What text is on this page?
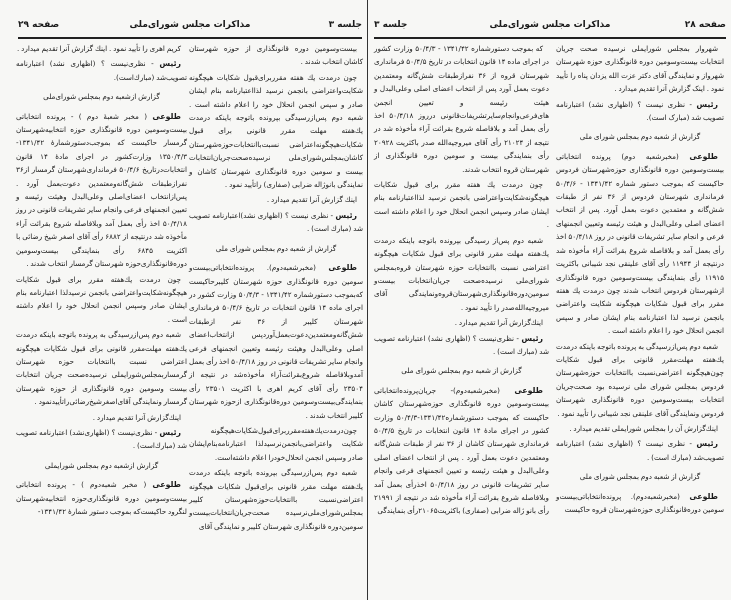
صفحه ۲۸
مذاکرات مجلس شورای‌ملی
جلسه ۳

شهروار بمجلس شورایملی نرسیده صحت جریان انتخابات بیست‌وسومین دوره قانونگذاری حوزه شهرستان شهرواز و نمایندگی آقای دکتر عزت الله یزدان پناه را تأیید نمود . اینک گزارش آنرا تقدیم میدارد .

رئیس - نظری نیست ؟ (اظهاری نشد) اعتبارنامه تصویب شد (مبارک است).

گزارش از شعبه دوم بمجلس شورای ملی

طلوعی (مخبرشعبه دوم) پرونده انتخاباتی بیست‌وسومین دوره قانونگذاری حوزه‌شهرستان فردوس حاکیست که بموجب دستور شماره ۱۳۴۱/۴۲ - ۵۰/۴/۶ فرمانداری شهرستان فردوس از ۳۶ نفر از طبقات شش‌گانه و معتمدین دعوت بعمل آورد. پس از انتخاب اعضای اصلی وعلی‌البدل و هیئت رئیسه وتعیین انجمنهای فرعی و انجام سایر تشریفات قانونی در روز ۵۰/۴/۱۸ اخذ رأی بعمل آمد و بلافاصله شروع بقرائت آراء مأخوذه شد درنتیجه از ۱۱۹۴۴ رأی آقای علینقی نجد شیبانی باکثریت ۱۱۹۱۵ رأی بنمایندگی بیست‌وسومین دوره قانونگذاری ازشهرستان فردوس انتخاب شدند چون درمدت یك هفته مقرر برای قبول شكایات هیچگونه شکایت واعتراضی بانجمن نرسید لذا اعتبارنامه بنام ایشان صادر و سپس انجمن انحلال خود را اعلام داشته است .

شعبه دوم پس‌ازرسیدگی به پرونده باتوجه باینکه درمدت یك‌هفته مهلت‌مقرر قانونی برای قبول شكایات چون‌هیچگونه اعتراضی‌نسبت باانتخابات حوزه‌شهرستان فردوس بمجلس شورای ملی نرسیده بود صحت‌جریان انتخابات بیست‌وسومین دوره قانونگذاری شهرستان فردوس ونمایندگی آقای علینقی نجد شیبانی را تأیید نمود .

اینك‌گزارش آن را بمجلس شورایملی تقدیم میدارد .

رئیس - نظری نیست ؟ (اظهاری نشد) اعتبارنامه تصویب‌شد (مبارك است) .

گزارش از شعبه دوم بمجلس شورای ملی

طلوعی (مخبرشعبه‌دوم). پرونده‌انتخاباتی‌بیست‌و سومین دوره‌قانونگذاری حوزه‌شهرستان قروه حاکیست

که بموجب دستورشماره ۱۳۴۱/۴۲ - ۵۰/۴/۳ وزارت کشور در اجرای ماده ۱۴ قانون انتخابات در تاریخ ۵۰/۴/۵ فرمانداری شهرستان قروه از ۳۶ نفرازطبقات شش‌گانه ومعتمدین دعوت بعمل آورد پس از انتخاب اعضای اصلی وعلی‌البدل و هیئت رئیسه و تعیین انجمن های‌فرعی‌وانجام‌سایر‌تشریفات‌قانونی درروز ۵۰/۴/۱۸ اخذ رأی بعمل آمد و بلافاصله شروع بقرائت آراء مأخوذه شد در نتیجه از ۲۱۰۲۴ رأی آقای میروجیه‌الله صدر باکثریت ۲۰۹۲۸ رأی بنمایندگی بیست و سومین دوره قانونگذاری از شهرستان قروه انتخاب شدند.

چون درمدت یك هفته مقرر برای قبول شكایات هیچگونه‌شکایت‌واعتراضی بانجمن نرسید لذااعتبارنامه بنام ایشان صادر وسپس انجمن انحلال خود را اعلام داشته است .

شعبه دوم پس‌از رسیدگی بپرونده باتوجه باینکه درمدت یك‌هفته مهلت مقرر قانونی برای قبول شكایات هیچگونه اعتراضی نسبت باانتخابات حوزه شهرستان قروه‌بمجلس شورای‌ملی نرسیده‌صحت جریان‌انتخابات بیست‌و سومین‌دوره‌قانونگذاری‌شهرستان‌قروه‌و‌نمایندگی آقای میروجیه‌الله‌صدر را تأیید نمود .

اینك‌گزارش آنرا تقدیم میدارد .

رئیس - نظری‌نیست ؟ (اظهاری نشد) اعتبارنامه تصویب شد (مبارك است) .

گزارش از شعبه دوم بمجلس شورای ملی

طلوعی (مخبرشعبه‌دوم)- جریان‌پرونده‌انتخاباتی بیست‌وسومین دوره قانونگذاری حوزه‌شهرستان کاشان حاکیست که بموجب دستورشماره۱۳۴۱/۴۲-۵۰/۴/۳ وزارت کشور در اجرای مادهٔ ۱۴ قانون انتخابات در تاریخ ۵۰/۴/۵ فرمانداری شهرستان کاشان از ۳۶ نفر از طبقات شش‌گانه ومعتمدین دعوت بعمل آورد . پس از انتخاب اعضای اصلی وعلی‌البدل و هیئت رئیسه و تعیین انجمنهای فرعی وانجام سایر تشریفات قانونی در روز ۵۰/۴/۱۸ اخذرأی بعمل آمد وبلافاصله شروع بقرائت آراء مأخوذه شد در نتیجه از ۲۱۹۹۱ رأی بانو ژاله ضرابی (صفاری) باکثریت۲۱۰۶۵رأی بنمایندگی

جلسه ۳
مذاکرات مجلس شورای‌ملی
صفحه ۲۹

بیست‌وسومین دوره قانونگذاری از حوزه شهرستان کاشان انتخاب شدند .

چون درمدت یك هفته مقرربرای‌قبول شكایات هیچگونه شکایت‌واعتراضی بانجمن نرسید لذااعتبارنامه بنام ایشان صادر و سپس انجمن انحلال خود را اعلام داشته است . شعبه دوم پس‌ازرسیدگی بپرونده باتوجه باینکه درمدت یك‌هفته مهلت مقرر قانونی برای قبول شكایات‌هیچگونه‌اعتراضی نسبت‌باانتخابات‌حوزه‌شهرستان کاشان‌بمجلس‌شورای‌ملی نرسیده‌صحت‌جریان‌انتخابات بیست و سومین دوره قانونگذاری شهرستان کاشان و نمایندگی بانوژاله ضرابی (صفاری) راتأیید نمود .

اینك گزارش آنرا تقدیم میدارد .

رئیس - نظری نیست ؟ (اظهاری نشد)اعتبارنامه تصویب شد (مبارك است) .

گزارش از شعبه دوم بمجلس شورای ملی

طلوعی (مخبرشعبه‌دوم). پرونده‌انتخاباتی‌بیست‌و سومین دوره قانونگذاری حوزه شهرستان کلیبرحاکیست که‌بموجب دستورشماره ۱۳۴۱/۴۲ - ۵۰/۴/۳ وزارت کشور در اجرای ماده ۱۴ قانون انتخابات در تاریخ ۵۰/۴/۶ فرمانداری شهرستان کلیبر از ۳۶ نفر ازطبقات شش‌گانه‌ومعتمدین‌دعوت‌بعمل‌آورد‌پس از‌انتخاب‌اعضای اصلی وعلی‌البدل وهیئت رئیسه وتعیین انجمنهای فرعی وانجام سایر تشریفات قانونی در روز ۵۰/۴/۱۸ اخذ رأی بعمل آمدوبلافاصله شروع‌بقرائت‌آراء مأخوذه‌شد در نتیجه از ۲۳۵۰۴ رأی آقای کریم اهری با اکثریت ۲۳۵۰۱ رأی بنمایندگی‌بیست‌وسومین دوره‌قانونگذاری ازحوزه شهرستان کلیبر انتخاب شدند .

چون‌درمدت‌یك‌هفته‌مقرر‌برای‌قبول‌شكایات‌هیچگونه شکایت واعتراضی‌بانجمن‌نرسیدلذا اعتبارنامه‌بنام‌ایشان صادر وسپس انجمن انحلال‌خودرا اعلام داشته‌است.

شعبه دوم پس‌ازرسیدگی بپرونده باتوجه باینکه درمدت یك‌هفته مهلت مقرر قانونی برای‌قبول شكایات هیچگونه اعتراضی‌نسبت باانتخابات‌حوزه‌شهرستان کلیبر بمجلس‌شورای‌ملی‌نرسیده صحت‌جریان‌انتخابات‌بیست‌و سومین‌دوره قانونگذاری شهرستان کلیبر و نمایندگی آقای

کریم اهری را تأیید نمود . اینك گزارش آنرا تقدیم میدارد .

رئیس - نظری‌نیست ؟ (اظهاری نشد) اعتبارنامه تصویب‌شد (مبارك‌است).

گزارش ازشعبه دوم بمجلس شورای‌ملی

طلوعی ( مخبر شعبهٔ دوم ) - پرونده انتخاباتی بیست‌وسومین دوره قانونگذاری حوزه انتخابیه‌شهرستان گرمسار حاکیست که بموجب‌دستورشمارهٔ ۱۳۴۱/۴۲- ۱۳۵۰/۴/۳ وزارت‌کشور در اجرای مادهٔ ۱۴ قانون انتخابات‌درتاریخ ۵۰/۴/۶ فرمانداری‌شهرستان گرمسار از۳۶ نفرازطبقات شش‌گانه‌ومعتمدین دعوت‌بعمل آورد . پس‌ازانتخاب اعضای‌اصلی وعلی‌البدل وهیئت رئیسه و تعیین انجمنهای فرعی وانجام سایر تشریفات قانونی در روز ۵۰/۴/۱۸ اخذ رأی بعمل آمد وبلافاصله شروع بقرائت آراء مأخوذه شد درنتیجه از ۶۸۸۲ رأی آقای اصغر شیخ رضائی با اکثریت ۶۸۴۵ رأی بنمایندگی بیست‌وسومین دوره‌قانونگذاری‌حوزه شهرستان گرمسار انتخاب شدند .

چون درمدت یك‌هفته مقرر برای قبول شكایات هیچگونه‌شکایت‌واعتراضی بانجمن نرسیدلذا اعتبارنامه بنام ایشان صادر وسپس انجمن انحلال خود را اعلام داشته است .

شعبه دوم پس‌ازرسیدگی به پرونده باتوجه باینکه درمدت یك‌هفته مهلت‌مقرر قانونی برای قبول شكایات هیچگونه اعتراضی نسبت باانتخابات حوزه شهرستان گرمسار‌بمجلس‌شورایملی نرسیده‌صحت جریان انتخابات بیست وسومین دوره قانونگذاری از حوزه شهرستان گرمسار ونمایندگی آقای‌اصغر‌شیخ‌رضائی‌راتأییدنمود .

اینك‌گزارش آنرا تقدیم میدارد .

رئیس - نظری‌نیست ؟ (اظهاری‌نشد) اعتبارنامه تصویب شد (مبارك‌است) .

گزارش ازشعبه دوم بمجلس شورایملی

طلوعی ( مخبر شعبه‌دوم ) - پرونده انتخاباتی بیست‌وسومین دوره قانونگذاری‌حوزه انتخابیه‌شهرستان لنگرود حاکیست‌که بموجب دستور شمارهٔ ۱۳۴۱/۴۲-
